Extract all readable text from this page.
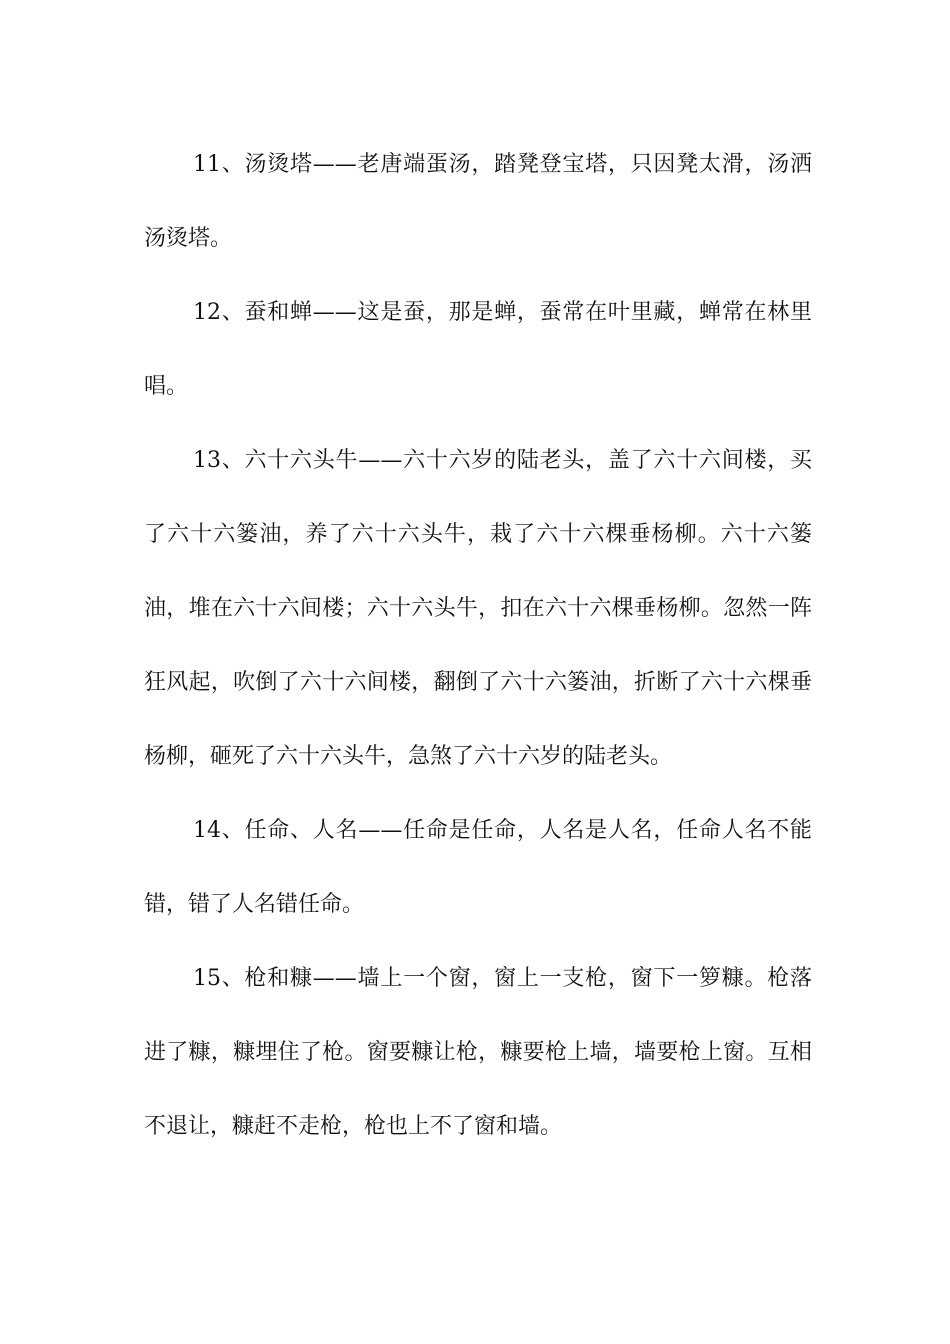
11、汤烫塔——老唐端蛋汤，踏凳登宝塔，只因凳太滑，汤洒汤烫塔。

12、蚕和蝉——这是蚕，那是蝉，蚕常在叶里藏，蝉常在林里唱。

13、六十六头牛——六十六岁的陆老头，盖了六十六间楼，买了六十六篓油，养了六十六头牛，栽了六十六棵垂杨柳。六十六篓油，堆在六十六间楼；六十六头牛，扣在六十六棵垂杨柳。忽然一阵狂风起，吹倒了六十六间楼，翻倒了六十六篓油，折断了六十六棵垂杨柳，砸死了六十六头牛，急煞了六十六岁的陆老头。

14、任命、人名——任命是任命，人名是人名，任命人名不能错，错了人名错任命。

15、枪和糠——墙上一个窗，窗上一支枪，窗下一箩糠。枪落进了糠，糠埋住了枪。窗要糠让枪，糠要枪上墙，墙要枪上窗。互相不退让，糠赶不走枪，枪也上不了窗和墙。
